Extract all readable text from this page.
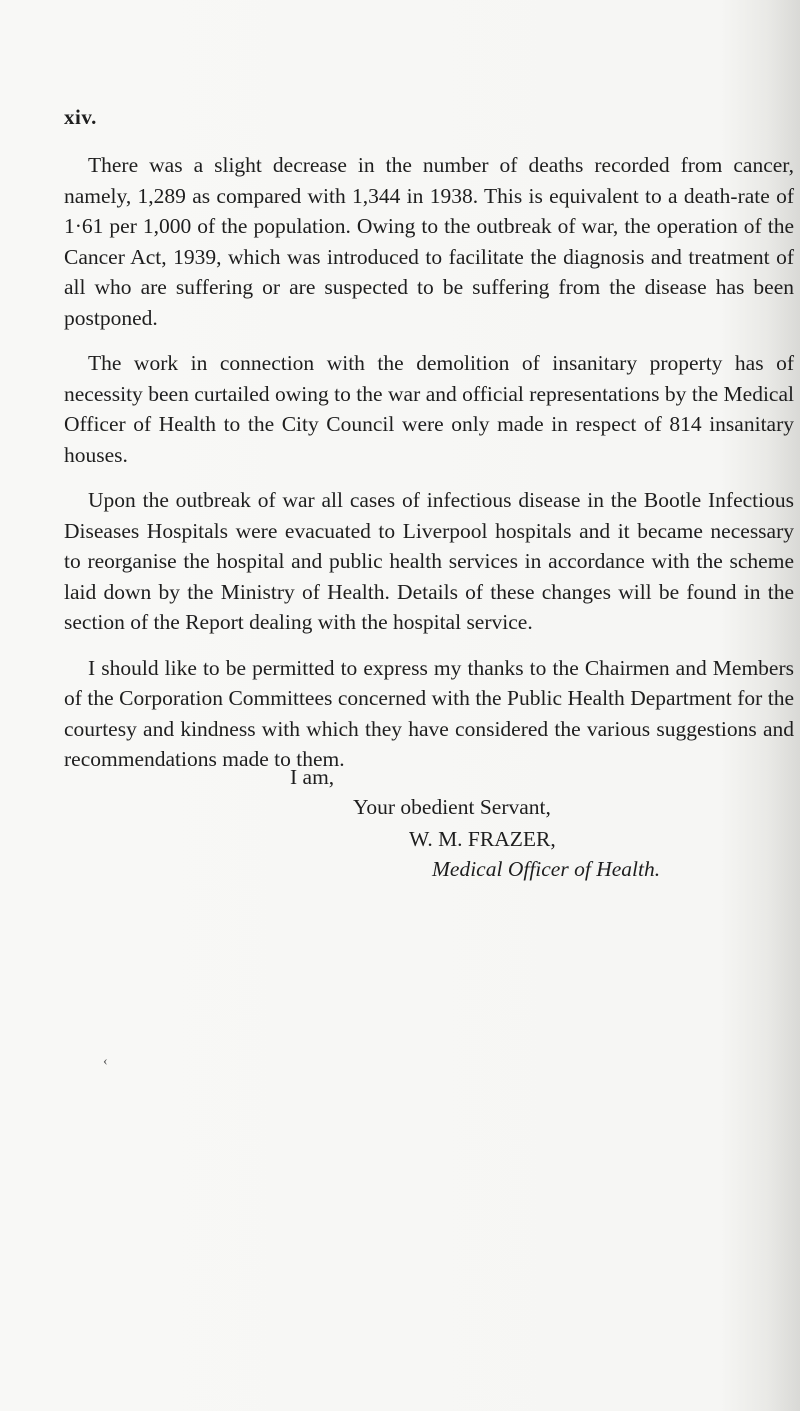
xiv.

There was a slight decrease in the number of deaths recorded from cancer, namely, 1,289 as compared with 1,344 in 1938. This is equivalent to a death-rate of 1·61 per 1,000 of the population. Owing to the outbreak of war, the operation of the Cancer Act, 1939, which was introduced to facilitate the diagnosis and treatment of all who are suffering or are suspected to be suffering from the disease has been postponed.

The work in connection with the demolition of insanitary property has of necessity been curtailed owing to the war and official representations by the Medical Officer of Health to the City Council were only made in respect of 814 insanitary houses.

Upon the outbreak of war all cases of infectious disease in the Bootle Infectious Diseases Hospitals were evacuated to Liverpool hospitals and it became necessary to reorganise the hospital and public health services in accordance with the scheme laid down by the Ministry of Health. Details of these changes will be found in the section of the Report dealing with the hospital service.

I should like to be permitted to express my thanks to the Chairmen and Members of the Corporation Committees concerned with the Public Health Department for the courtesy and kindness with which they have considered the various suggestions and recommendations made to them.

I am,
Your obedient Servant,
W. M. FRAZER,
Medical Officer of Health.
‹
